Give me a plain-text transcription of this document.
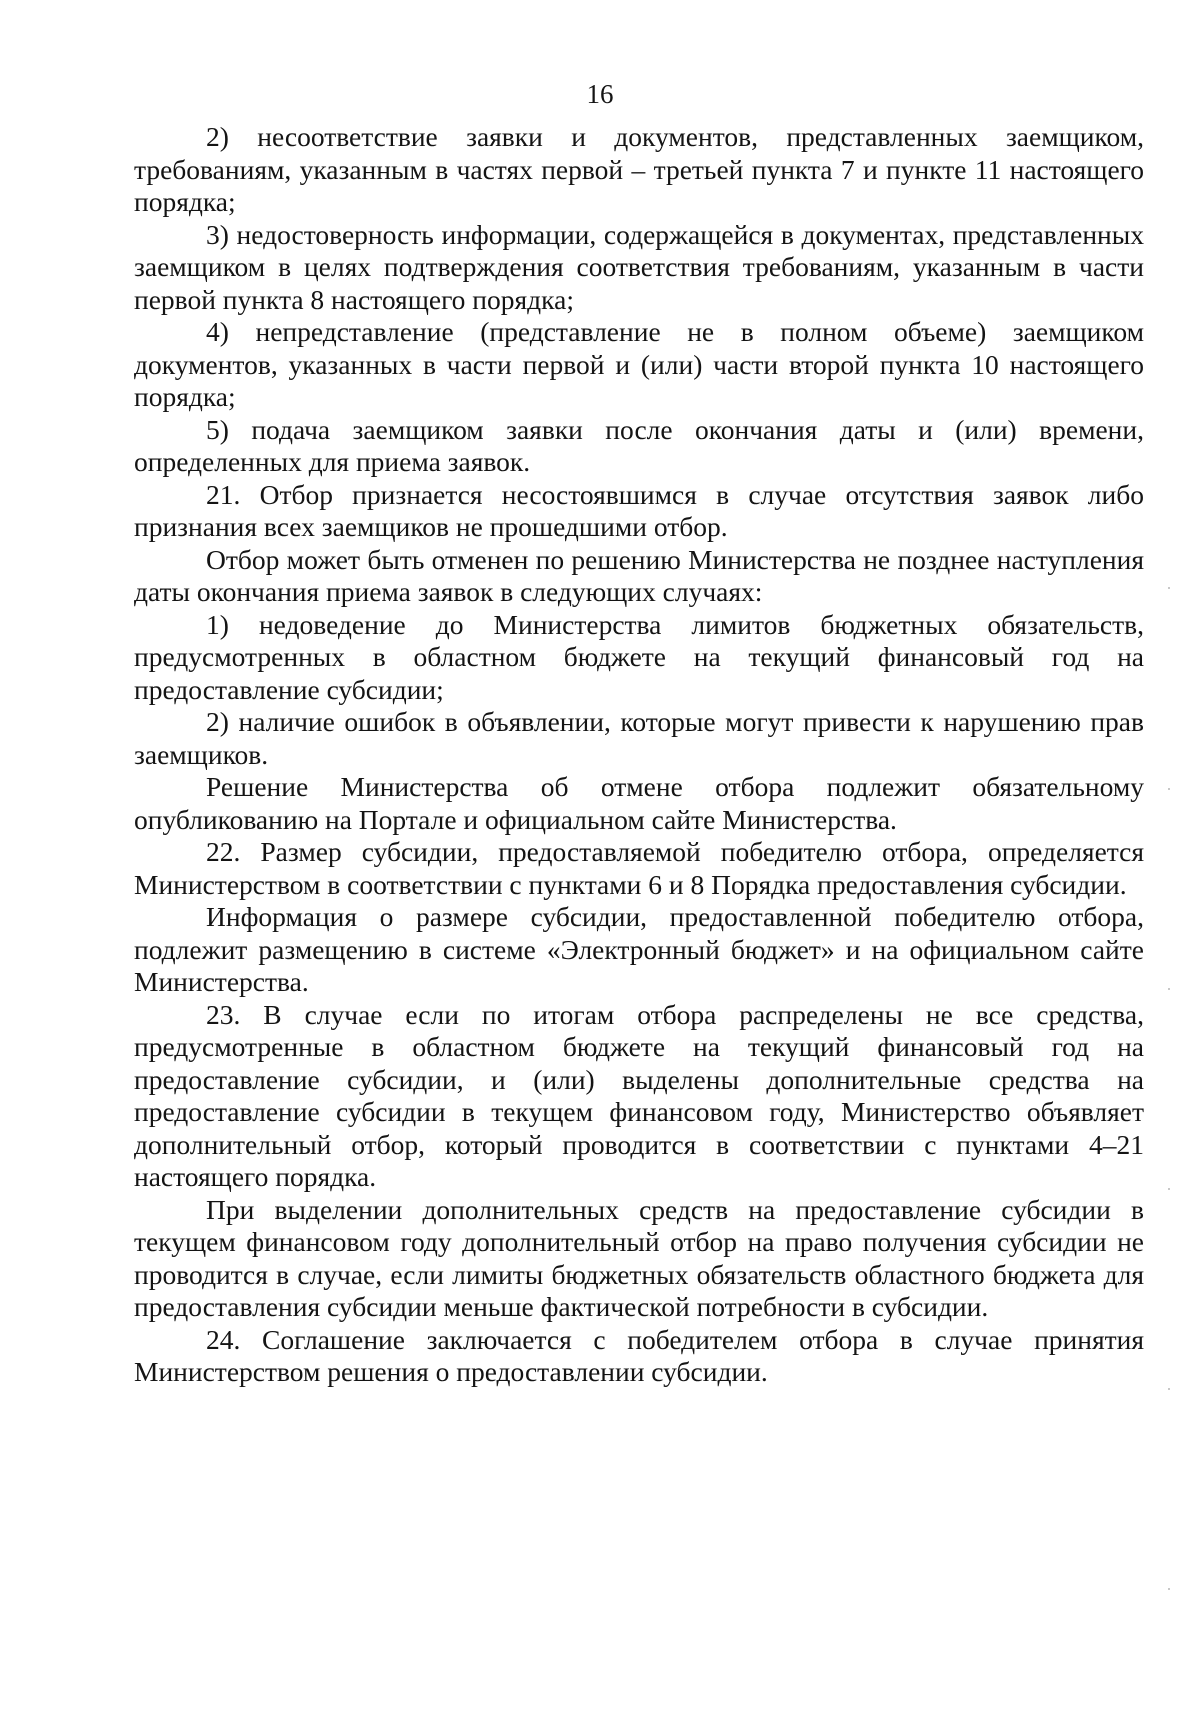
16

2) несоответствие заявки и документов, представленных заемщиком, требованиям, указанным в частях первой – третьей пункта 7 и пункте 11 настоящего порядка;

3) недостоверность информации, содержащейся в документах, представленных заемщиком в целях подтверждения соответствия требованиям, указанным в части первой пункта 8 настоящего порядка;

4) непредставление (представление не в полном объеме) заемщиком документов, указанных в части первой и (или) части второй пункта 10 настоящего порядка;

5) подача заемщиком заявки после окончания даты и (или) времени, определенных для приема заявок.

21. Отбор признается несостоявшимся в случае отсутствия заявок либо признания всех заемщиков не прошедшими отбор.

Отбор может быть отменен по решению Министерства не позднее наступления даты окончания приема заявок в следующих случаях:

1) недоведение до Министерства лимитов бюджетных обязательств, предусмотренных в областном бюджете на текущий финансовый год на предоставление субсидии;

2) наличие ошибок в объявлении, которые могут привести к нарушению прав заемщиков.

Решение Министерства об отмене отбора подлежит обязательному опубликованию на Портале и официальном сайте Министерства.

22. Размер субсидии, предоставляемой победителю отбора, определяется Министерством в соответствии с пунктами 6 и 8 Порядка предоставления субсидии.

Информация о размере субсидии, предоставленной победителю отбора, подлежит размещению в системе «Электронный бюджет» и на официальном сайте Министерства.

23. В случае если по итогам отбора распределены не все средства, предусмотренные в областном бюджете на текущий финансовый год на предоставление субсидии, и (или) выделены дополнительные средства на предоставление субсидии в текущем финансовом году, Министерство объявляет дополнительный отбор, который проводится в соответствии с пунктами 4–21 настоящего порядка.

При выделении дополнительных средств на предоставление субсидии в текущем финансовом году дополнительный отбор на право получения субсидии не проводится в случае, если лимиты бюджетных обязательств областного бюджета для предоставления субсидии меньше фактической потребности в субсидии.

24. Соглашение заключается с победителем отбора в случае принятия Министерством решения о предоставлении субсидии.
